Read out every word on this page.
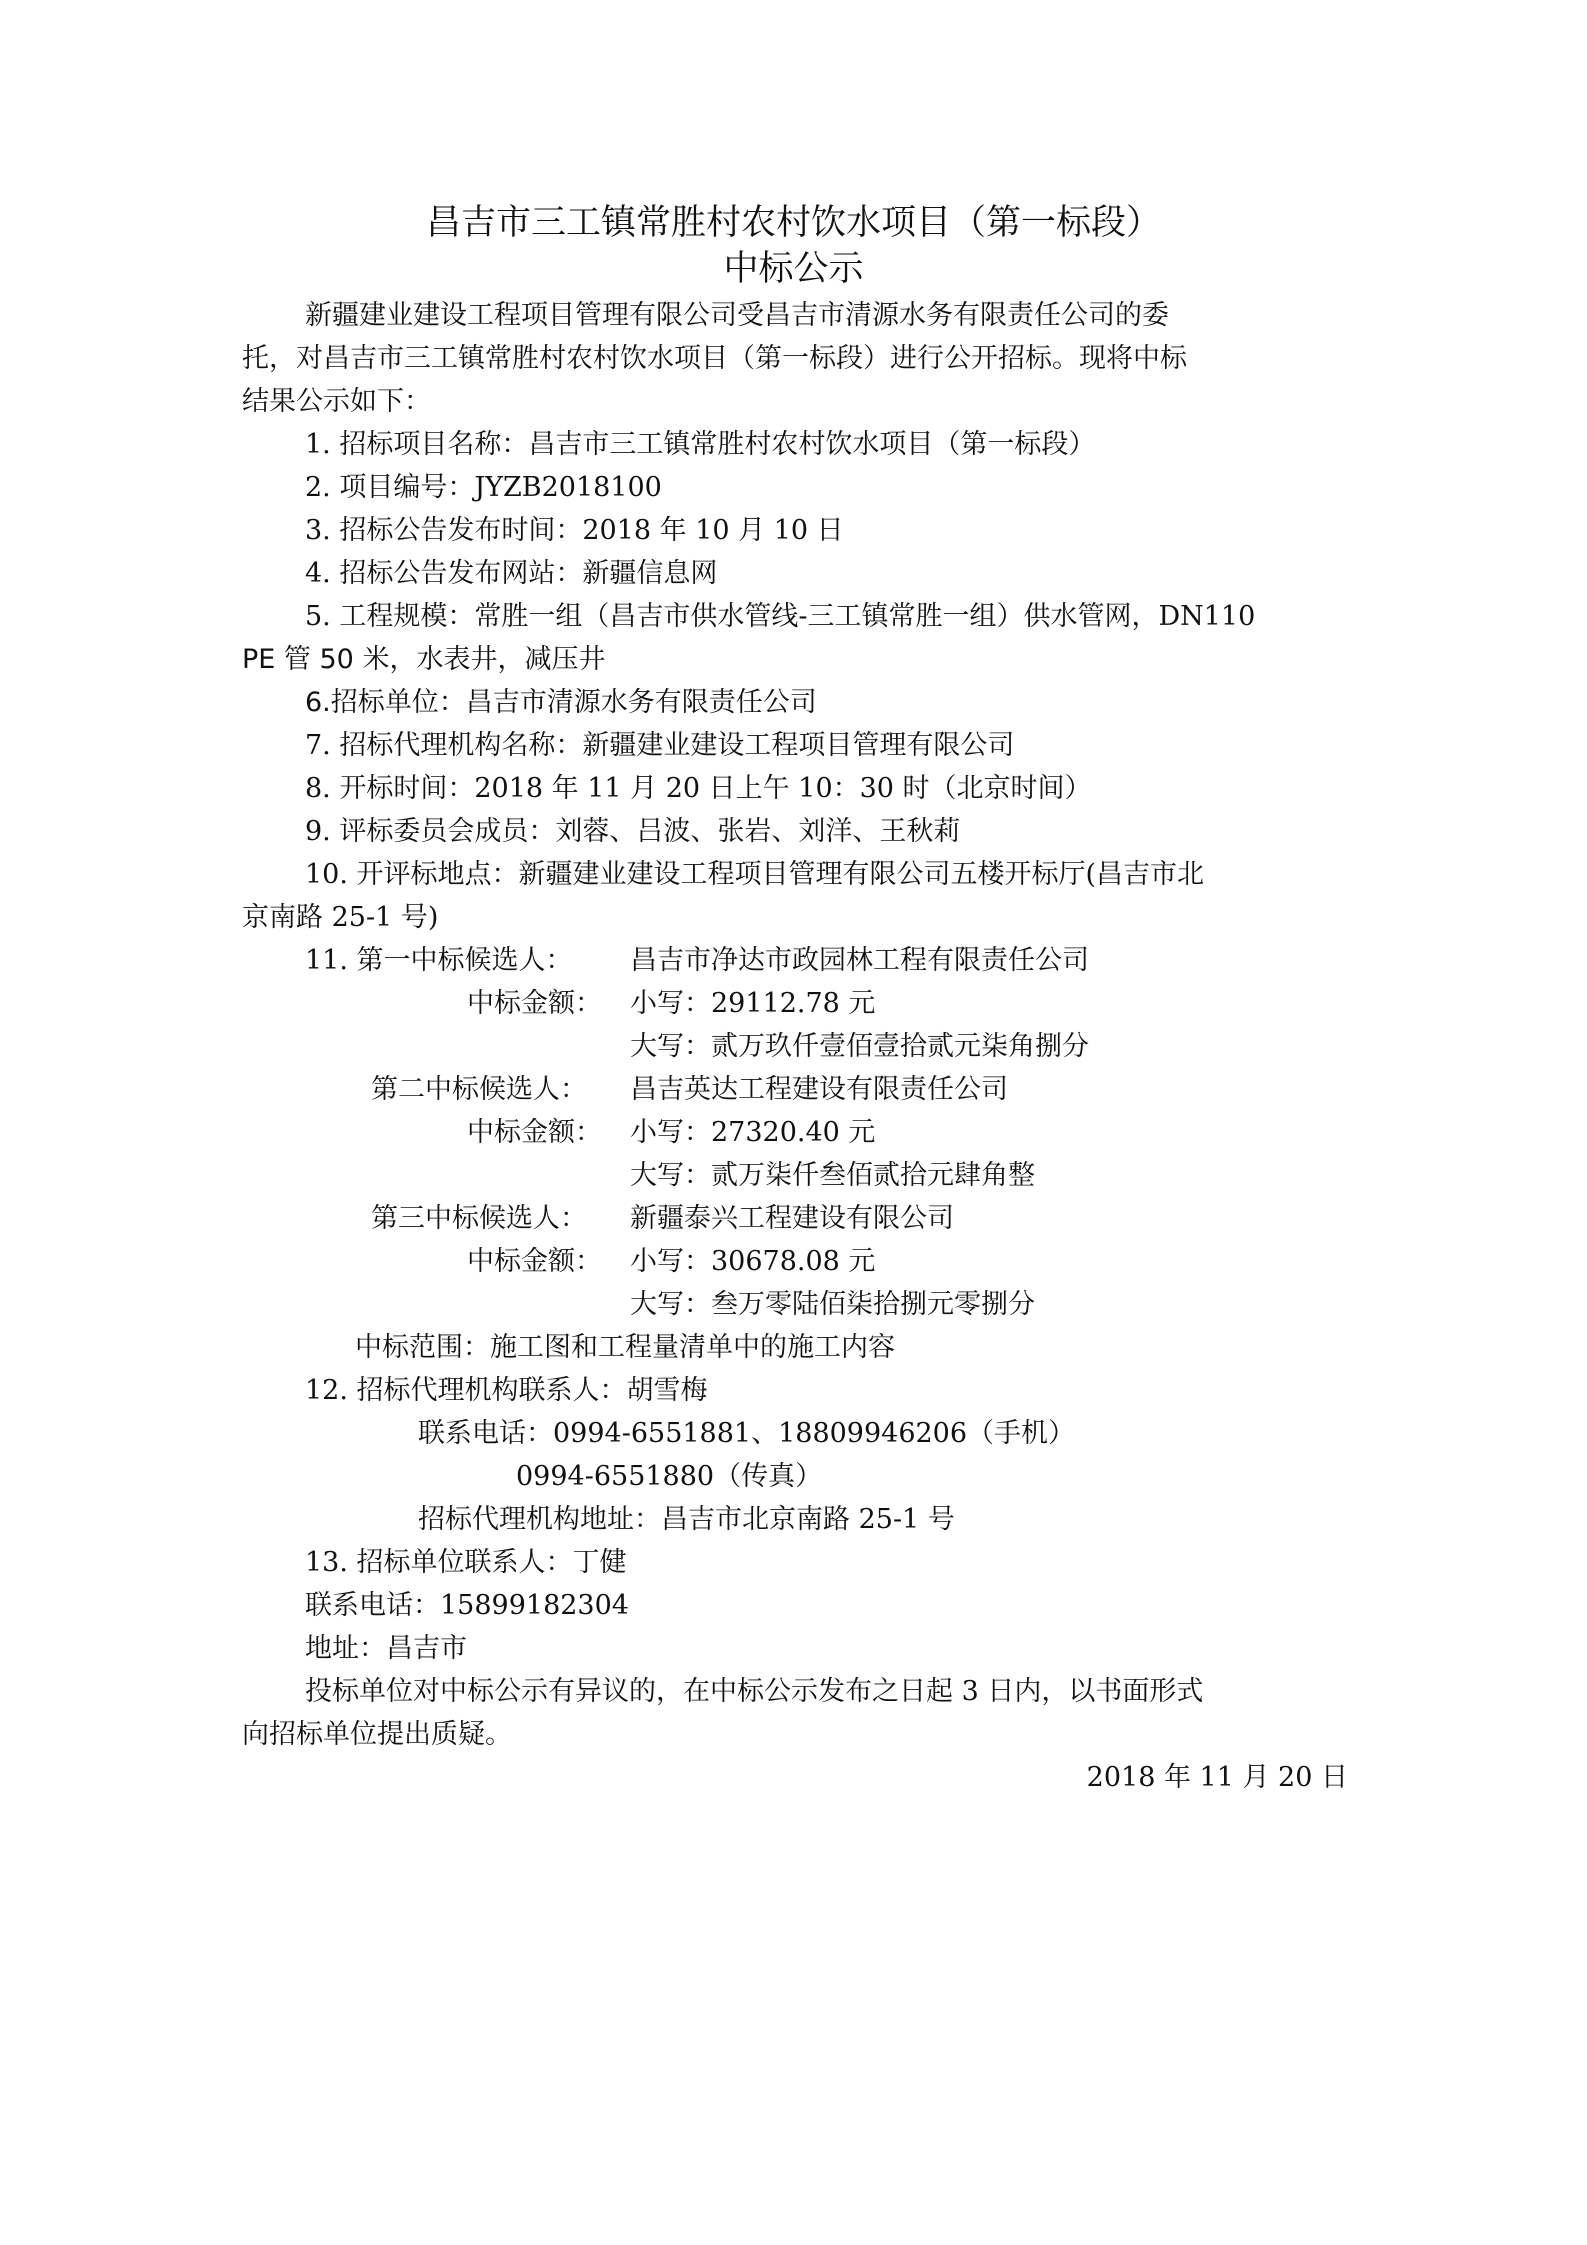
昌吉市三工镇常胜村农村饮水项目（第一标段）
中标公示
新疆建业建设工程项目管理有限公司受昌吉市清源水务有限责任公司的委
托，对昌吉市三工镇常胜村农村饮水项目（第一标段）进行公开招标。现将中标
结果公示如下：
1. 招标项目名称：昌吉市三工镇常胜村农村饮水项目（第一标段）
2. 项目编号：JYZB2018100
3. 招标公告发布时间：2018 年 10 月 10 日
4. 招标公告发布网站：新疆信息网
5. 工程规模：常胜一组（昌吉市供水管线-三工镇常胜一组）供水管网，DN110
PE 管 50 米，水表井，减压井
6.招标单位：昌吉市清源水务有限责任公司
7. 招标代理机构名称：新疆建业建设工程项目管理有限公司
8. 开标时间：2018 年 11 月 20 日上午 10：30 时（北京时间）
9. 评标委员会成员：刘蓉、吕波、张岩、刘洋、王秋莉
10. 开评标地点：新疆建业建设工程项目管理有限公司五楼开标厅(昌吉市北
京南路 25-1 号)
11. 第一中标候选人： 昌吉市净达市政园林工程有限责任公司
中标金额： 小写：29112.78 元
大写：贰万玖仟壹佰壹拾贰元柒角捌分
第二中标候选人： 昌吉英达工程建设有限责任公司
中标金额： 小写：27320.40 元
大写：贰万柒仟叁佰贰拾元肆角整
第三中标候选人： 新疆泰兴工程建设有限公司
中标金额： 小写：30678.08 元
大写：叁万零陆佰柒拾捌元零捌分
中标范围：施工图和工程量清单中的施工内容
12. 招标代理机构联系人：胡雪梅
联系电话：0994-6551881、18809946206（手机）
0994-6551880（传真）
招标代理机构地址：昌吉市北京南路 25-1 号
13. 招标单位联系人：丁健
联系电话：15899182304
地址：昌吉市
投标单位对中标公示有异议的，在中标公示发布之日起 3 日内，以书面形式
向招标单位提出质疑。
2018 年 11 月 20 日
